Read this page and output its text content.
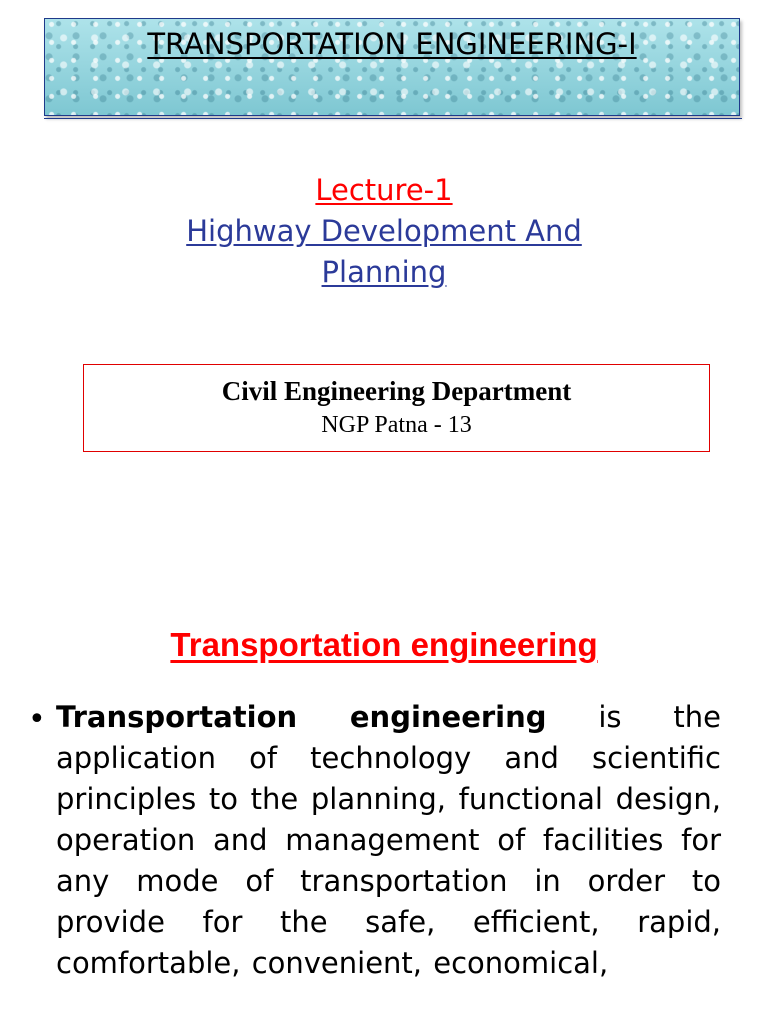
TRANSPORTATION ENGINEERING-I
Lecture-1
Highway Development And Planning
Civil Engineering Department
NGP Patna - 13
Transportation engineering
• Transportation engineering is the application of technology and scientific principles to the planning, functional design, operation and management of facilities for any mode of transportation in order to provide for the safe, efficient, rapid, comfortable, convenient, economical,
